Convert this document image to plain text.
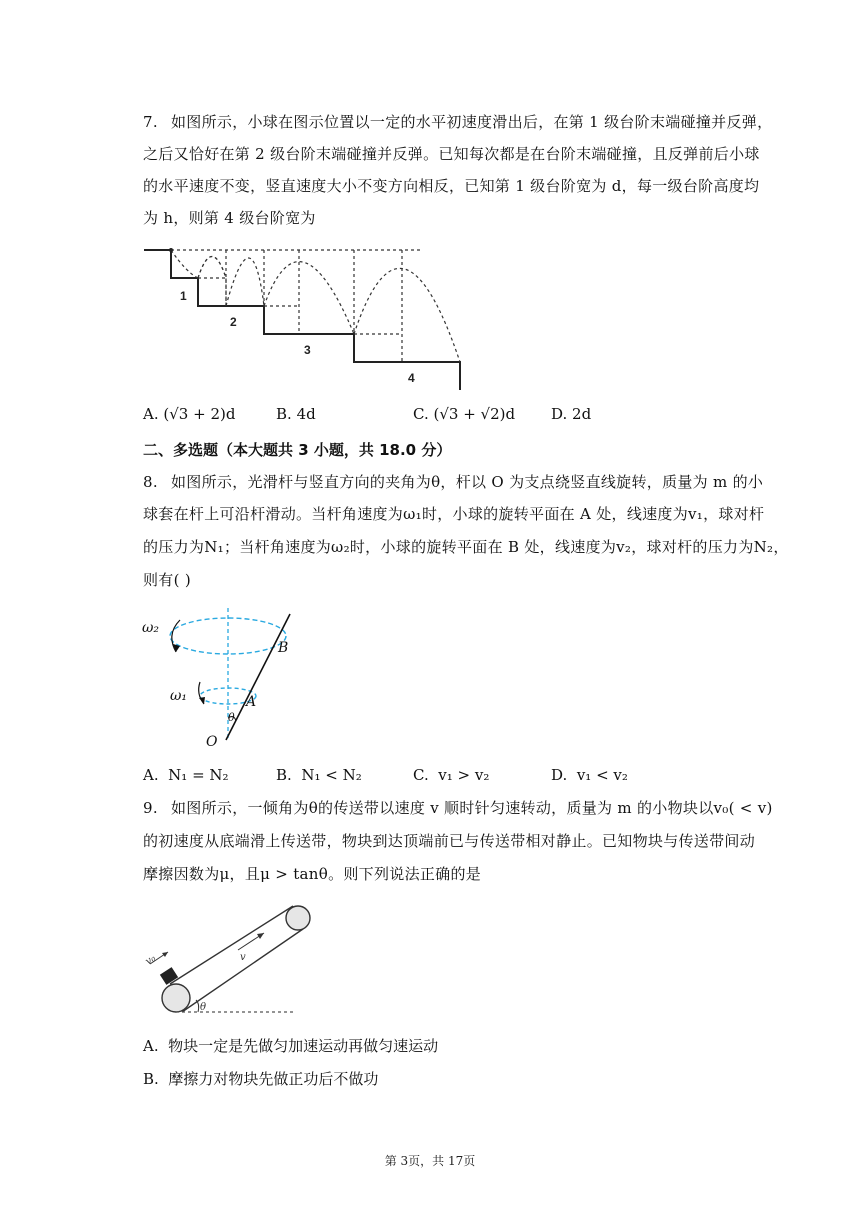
7. 如图所示，小球在图示位置以一定的水平初速度滑出后，在第 1 级台阶末端碰撞并反弹，
之后又恰好在第 2 级台阶末端碰撞并反弹。已知每次都是在台阶末端碰撞，且反弹前后小球
的水平速度不变，竖直速度大小不变方向相反，已知第 1 级台阶宽为 d，每一级台阶高度均
为 h，则第 4 级台阶宽为
1
2
3
4
A. (√3 + 2)d	B. 4d	C. (√3 + √2)d D. 2d
二、多选题（本大题共 3 小题，共 18.0 分）
8. 如图所示，光滑杆与竖直方向的夹角为θ，杆以 O 为支点绕竖直线旋转，质量为 m 的小
球套在杆上可沿杆滑动。当杆角速度为ω₁时，小球的旋转平面在 A 处，线速度为v₁，球对杆
的压力为N₁；当杆角速度为ω₂时，小球的旋转平面在 B 处，线速度为v₂，球对杆的压力为N₂，
则有( )
ω₂
B
ω₁	A
θ
O
A. N₁ = N₂	B. N₁ < N₂	C. v₁ > v₂	D. v₁ < v₂
9. 如图所示，一倾角为θ的传送带以速度 v 顺时针匀速转动，质量为 m 的小物块以v₀( < v)
的初速度从底端滑上传送带，物块到达顶端前已与传送带相对静止。已知物块与传送带间动
摩擦因数为μ，且μ > tanθ。则下列说法正确的是
v₀	v
θ
A. 物块一定是先做匀加速运动再做匀速运动
B. 摩擦力对物块先做正功后不做功
第 3页，共 17页
